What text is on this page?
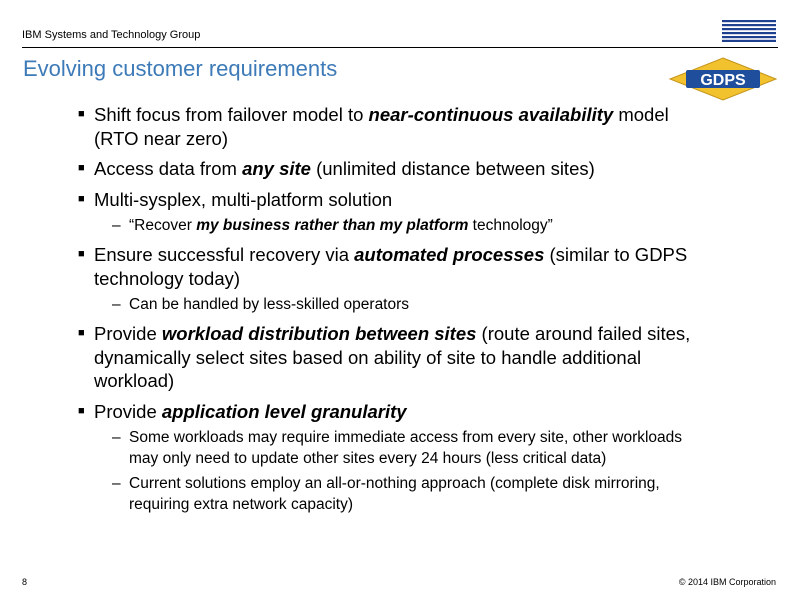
IBM Systems and Technology Group
Evolving customer requirements	GDPS
■ Shift focus from failover model to near-continuous availability model (RTO near zero)
■ Access data from any site (unlimited distance between sites)
■ Multi-sysplex, multi-platform solution
– “Recover my business rather than my platform technology”
■ Ensure successful recovery via automated processes (similar to GDPS technology today)
– Can be handled by less-skilled operators
■ Provide workload distribution between sites (route around failed sites, dynamically select sites based on ability of site to handle additional workload)
■ Provide application level granularity
– Some workloads may require immediate access from every site, other workloads may only need to update other sites every 24 hours (less critical data)
– Current solutions employ an all-or-nothing approach (complete disk mirroring, requiring extra network capacity)
8	© 2014 IBM Corporation
